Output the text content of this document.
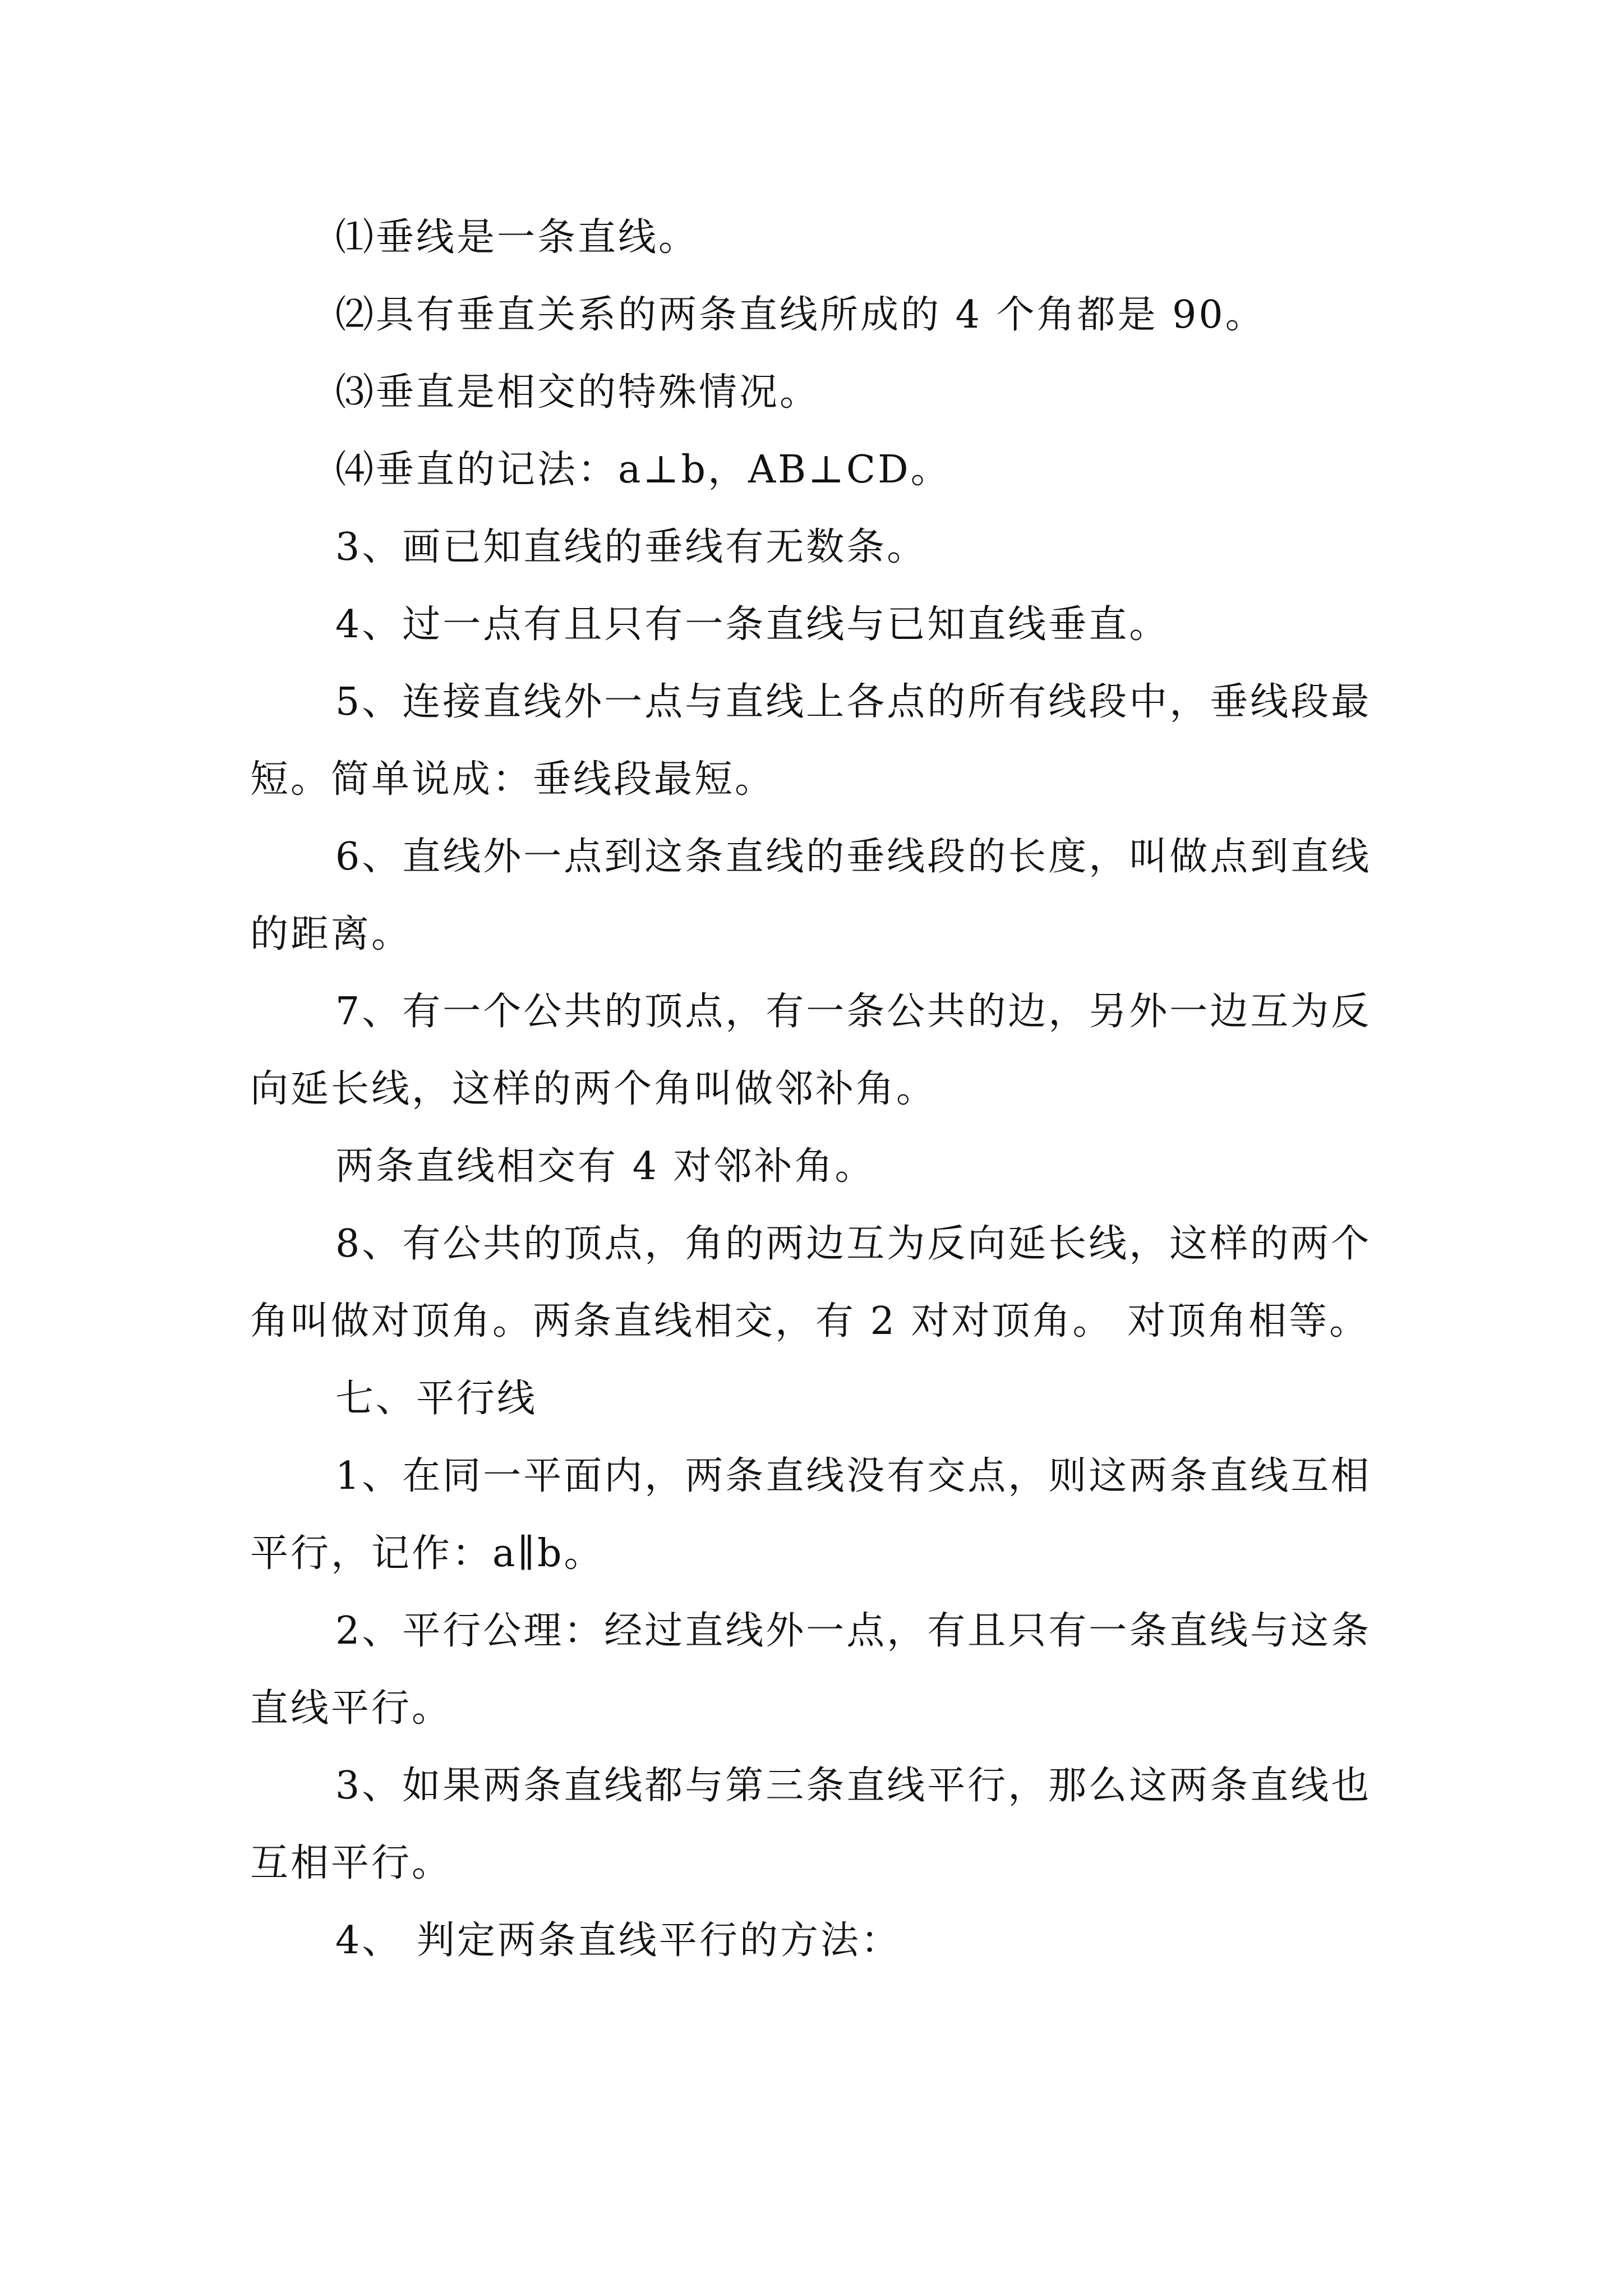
⑴垂线是一条直线。

⑵具有垂直关系的两条直线所成的 4 个角都是 90。

⑶垂直是相交的特殊情况。

⑷垂直的记法：a⊥b，AB⊥CD。

3、画已知直线的垂线有无数条。

4、过一点有且只有一条直线与已知直线垂直。

5、连接直线外一点与直线上各点的所有线段中，垂线段最短。简单说成：垂线段最短。

6、直线外一点到这条直线的垂线段的长度，叫做点到直线的距离。

7、有一个公共的顶点，有一条公共的边，另外一边互为反向延长线，这样的两个角叫做邻补角。

两条直线相交有 4 对邻补角。

8、有公共的顶点，角的两边互为反向延长线，这样的两个角叫做对顶角。两条直线相交，有 2 对对顶角。 对顶角相等。

七、平行线

1、在同一平面内，两条直线没有交点，则这两条直线互相平行，记作：a∥b。

2、平行公理：经过直线外一点，有且只有一条直线与这条直线平行。

3、如果两条直线都与第三条直线平行，那么这两条直线也互相平行。

4、 判定两条直线平行的方法：
